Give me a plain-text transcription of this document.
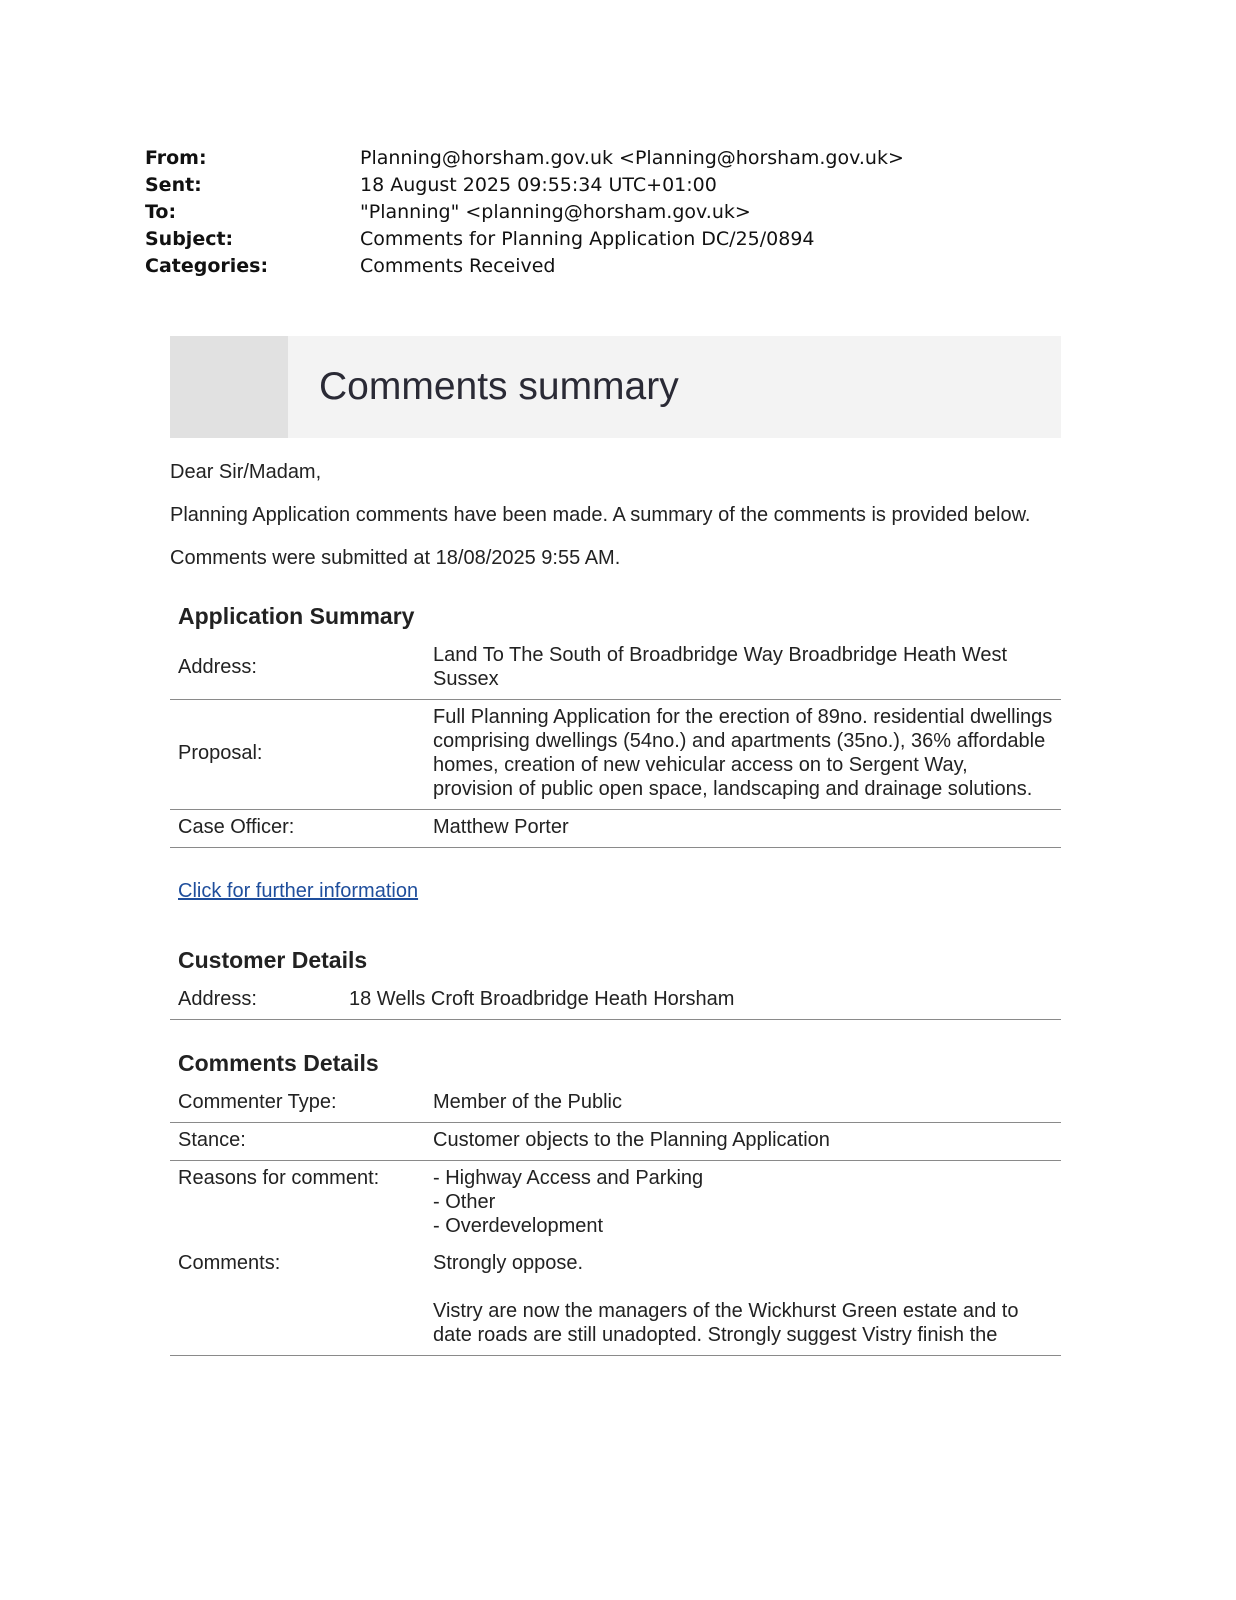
From:	Planning@horsham.gov.uk <Planning@horsham.gov.uk>
Sent:	18 August 2025 09:55:34 UTC+01:00
To:	"Planning" <planning@horsham.gov.uk>
Subject:	Comments for Planning Application DC/25/0894
Categories:	Comments Received
Comments summary

Dear Sir/Madam,

Planning Application comments have been made. A summary of the comments is provided below.

Comments were submitted at 18/08/2025 9:55 AM.

Application Summary
Address:	Land To The South of Broadbridge Way Broadbridge Heath West Sussex
Proposal:	Full Planning Application for the erection of 89no. residential dwellings comprising dwellings (54no.) and apartments (35no.), 36% affordable homes, creation of new vehicular access on to Sergent Way, provision of public open space, landscaping and drainage solutions.
Case Officer:	Matthew Porter
Click for further information
Customer Details
Address:	18 Wells Croft Broadbridge Heath Horsham
Comments Details
Commenter Type:	Member of the Public
Stance:	Customer objects to the Planning Application
Reasons for comment:	- Highway Access and Parking
- Other
- Overdevelopment

Comments:	Strongly oppose.
Vistry are now the managers of the Wickhurst Green estate and to date roads are still unadopted. Strongly suggest Vistry finish the
